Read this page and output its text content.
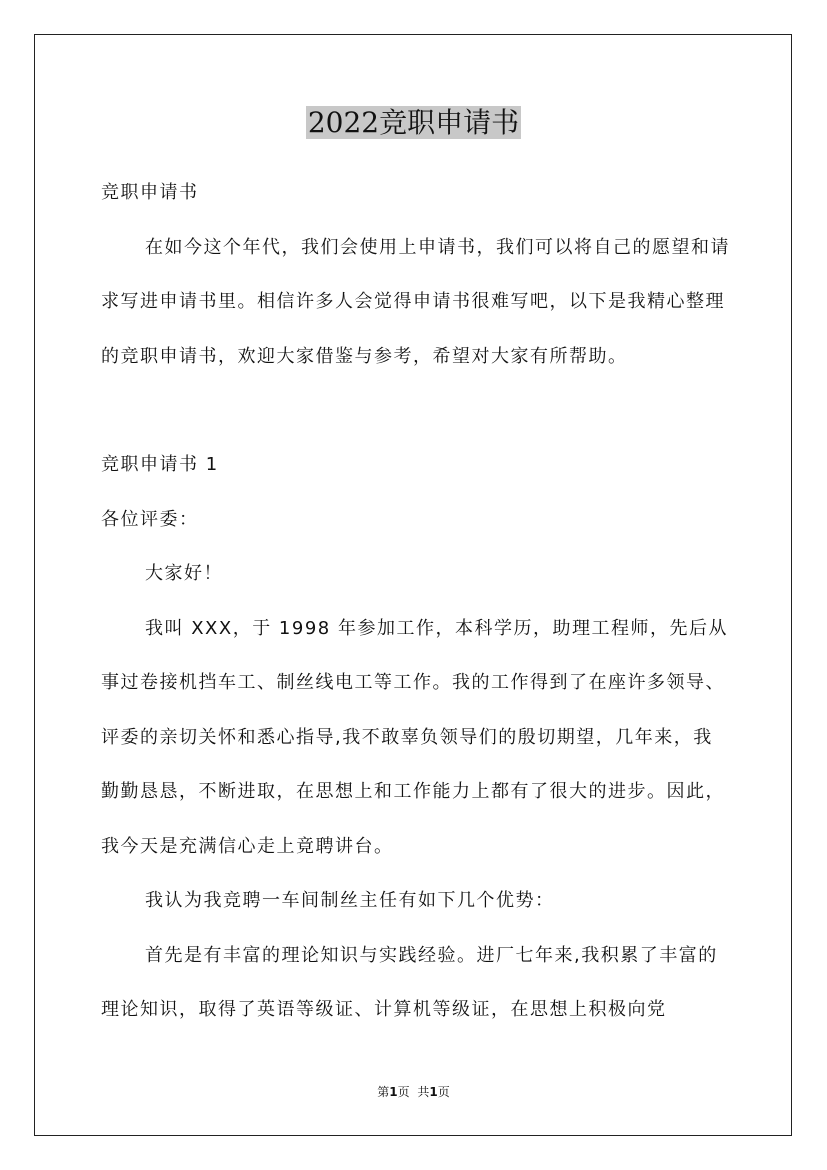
2022竞职申请书

竞职申请书

在如今这个年代，我们会使用上申请书，我们可以将自己的愿望和请求写进申请书里。相信许多人会觉得申请书很难写吧，以下是我精心整理的竞职申请书，欢迎大家借鉴与参考，希望对大家有所帮助。

竞职申请书 1

各位评委：

大家好！

我叫 XXX，于 1998 年参加工作，本科学历，助理工程师，先后从事过卷接机挡车工、制丝线电工等工作。我的工作得到了在座许多领导、评委的亲切关怀和悉心指导,我不敢辜负领导们的殷切期望，几年来，我勤勤恳恳，不断进取，在思想上和工作能力上都有了很大的进步。因此，我今天是充满信心走上竟聘讲台。

我认为我竞聘一车间制丝主任有如下几个优势：

首先是有丰富的理论知识与实践经验。进厂七年来,我积累了丰富的理论知识，取得了英语等级证、计算机等级证，在思想上积极向党

第1页 共1页
